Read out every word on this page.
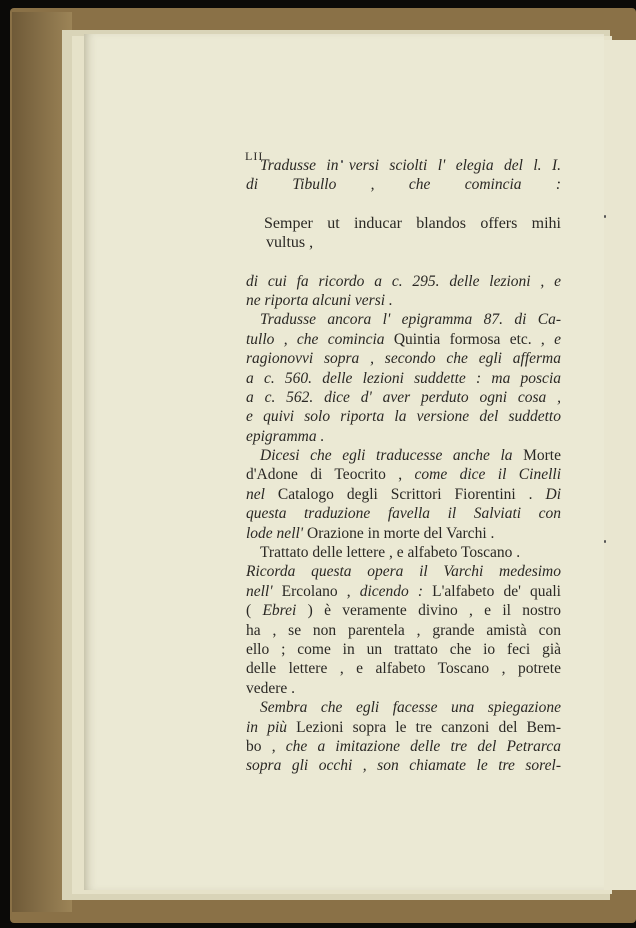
LII
Tradusse in versi sciolti l' elegia del l. I.
di Tibullo , che comincia :
Semper ut inducar blandos offers mihi
vultus ,
di cui fa ricordo a c. 295. delle lezioni , e
ne riporta alcuni versi .
Tradusse ancora l' epigramma 87. di Ca-
tullo , che comincia Quintia formosa etc. , e
ragionovvi sopra , secondo che egli afferma
a c. 560. delle lezioni suddette : ma poscia
a c. 562. dice d' aver perduto ogni cosa ,
e quivi solo riporta la versione del suddetto
epigramma .
Dicesi che egli traducesse anche la Morte
d'Adone di Teocrito , come dice il Cinelli
nel Catalogo degli Scrittori Fiorentini . Di
questa traduzione favella il Salviati con
lode nell' Orazione in morte del Varchi .
Trattato delle lettere , e alfabeto Toscano .
Ricorda questa opera il Varchi medesimo
nell' Ercolano , dicendo : L'alfabeto de' quali
( Ebrei ) è veramente divino , e il nostro
ha , se non parentela , grande amistà con
ello ; come in un trattato che io feci già
delle lettere , e alfabeto Toscano , potrete
vedere .
Sembra che egli facesse una spiegazione
in più Lezioni sopra le tre canzoni del Bem-
bo , che a imitazione delle tre del Petrarca
sopra gli occhi , son chiamate le tre sorel-
